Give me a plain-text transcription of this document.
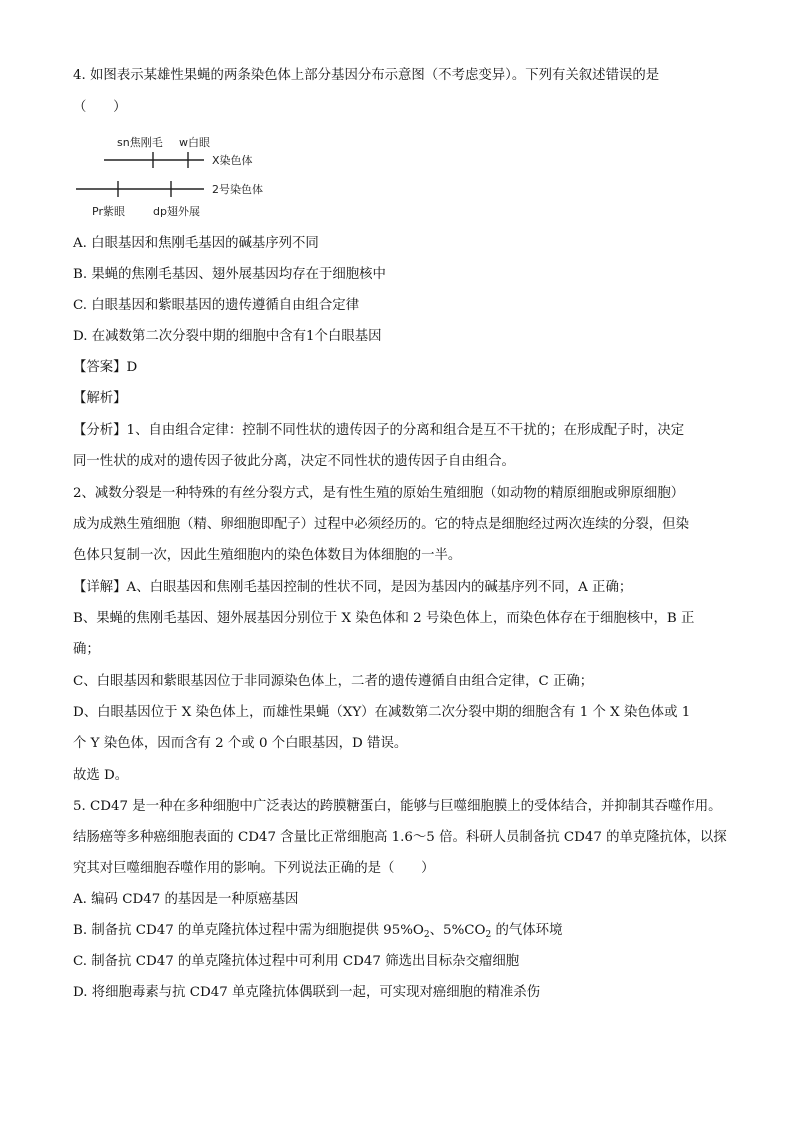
4. 如图表示某雄性果蝇的两条染色体上部分基因分布示意图（不考虑变异）。下列有关叙述错误的是

（　　）

sn焦刚毛 w白眼
X染色体
2号染色体
Pr紫眼	dp翅外展

A. 白眼基因和焦刚毛基因的碱基序列不同

B. 果蝇的焦刚毛基因、翅外展基因均存在于细胞核中

C. 白眼基因和紫眼基因的遗传遵循自由组合定律

D. 在减数第二次分裂中期的细胞中含有1个白眼基因

【答案】D

【解析】

【分析】1、自由组合定律：控制不同性状的遗传因子的分离和组合是互不干扰的；在形成配子时，决定

同一性状的成对的遗传因子彼此分离，决定不同性状的遗传因子自由组合。

2、减数分裂是一种特殊的有丝分裂方式，是有性生殖的原始生殖细胞（如动物的精原细胞或卵原细胞）

成为成熟生殖细胞（精、卵细胞即配子）过程中必须经历的。它的特点是细胞经过两次连续的分裂，但染

色体只复制一次，因此生殖细胞内的染色体数目为体细胞的一半。

【详解】A、白眼基因和焦刚毛基因控制的性状不同，是因为基因内的碱基序列不同，A 正确；

B、果蝇的焦刚毛基因、翅外展基因分别位于 X 染色体和 2 号染色体上，而染色体存在于细胞核中，B 正

确；

C、白眼基因和紫眼基因位于非同源染色体上，二者的遗传遵循自由组合定律，C 正确；

D、白眼基因位于 X 染色体上，而雄性果蝇（XY）在减数第二次分裂中期的细胞含有 1 个 X 染色体或 1

个 Y 染色体，因而含有 2 个或 0 个白眼基因，D 错误。

故选 D。

5. CD47 是一种在多种细胞中广泛表达的跨膜糖蛋白，能够与巨噬细胞膜上的受体结合，并抑制其吞噬作用。

结肠癌等多种癌细胞表面的 CD47 含量比正常细胞高 1.6～5 倍。科研人员制备抗 CD47 的单克隆抗体，以探

究其对巨噬细胞吞噬作用的影响。下列说法正确的是（　　）

A. 编码 CD47 的基因是一种原癌基因

B. 制备抗 CD47 的单克隆抗体过程中需为细胞提供 $95\%O_2$、$5\%CO_2$ 的气体环境

C. 制备抗 CD47 的单克隆抗体过程中可利用 CD47 筛选出目标杂交瘤细胞

D. 将细胞毒素与抗 CD47 单克隆抗体偶联到一起，可实现对癌细胞的精准杀伤
